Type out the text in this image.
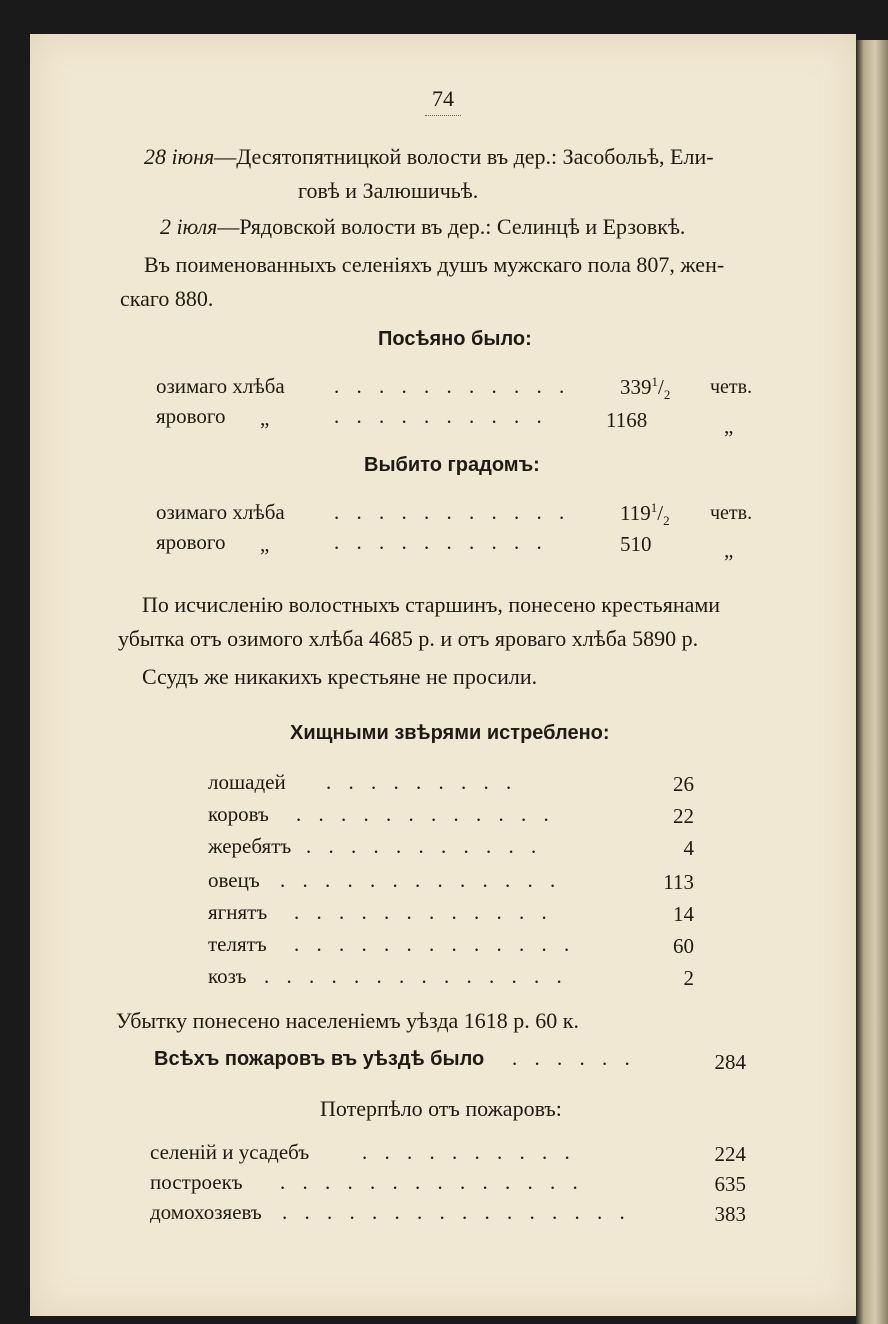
74
28 іюня—Десятопятницкой волости въ дер.: Засобольѣ, Ели-
говѣ и Залюшичьѣ.
2 іюля—Рядовской волости въ дер.: Селинцѣ и Ерзовкѣ.
Въ поименованныхъ селеніяхъ душъ мужскаго пола 807, жен-
скаго 880.
Посѣяно было:
озимаго хлѣба . . . . . . . . . . . $339^1/_2$ четв.
ярового „	. . . . . . . . . .	1168	„
Выбито градомъ:
озимаго хлѣба . . . . . . . . . . . $119^1/_2$ четв.
ярового „	. . . . . . . . . .	510	„
По исчисленію волостныхъ старшинъ, понесено крестьянами
убытка отъ озимого хлѣба 4685 р. и отъ яроваго хлѣба 5890 р.
Ссудъ же никакихъ крестьяне не просили.
Хищными звѣрями истреблено:
лошадей . . . . . . . . .	26
коровъ . . . . . . . . . . . .	22
жеребятъ . . . . . . . . . . .	4
овецъ . . . . . . . . . . . . .	113
ягнятъ . . . . . . . . . . . .	14
телятъ . . . . . . . . . . . . .	60
козъ . . . . . . . . . . . . . .	2
Убытку понесено населеніемъ уѣзда 1618 р. 60 к.
Всѣхъ пожаровъ въ уѣздѣ было . . . . . .	284
Потерпѣло отъ пожаровъ:
селеній и усадебъ	. . . . . . . . . .	224
построекъ . . . . . . . . . . . . . .	635
домохозяевъ . . . . . . . . . . . . . . . .	383
